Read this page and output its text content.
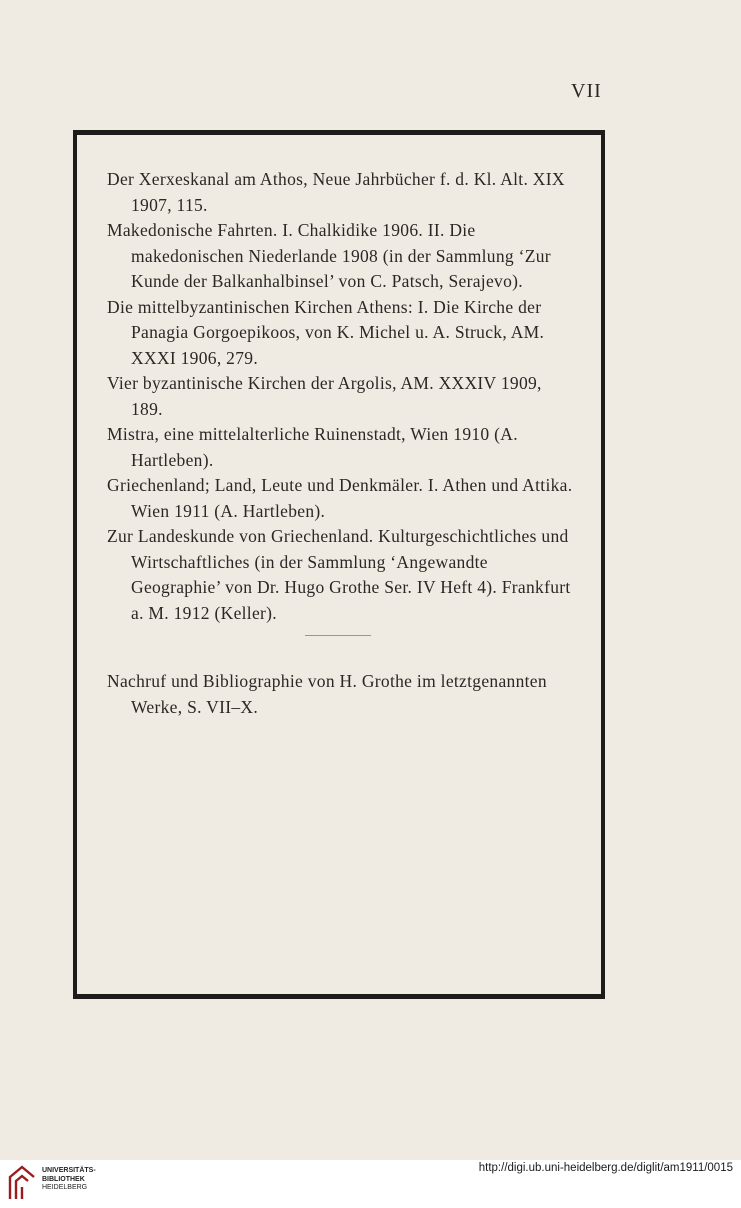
VII
Der Xerxeskanal am Athos, Neue Jahrbücher f. d. Kl. Alt. XIX 1907, 115.
Makedonische Fahrten. I. Chalkidike 1906. II. Die makedonischen Niederlande 1908 (in der Sammlung ‘Zur Kunde der Balkanhalbinsel’ von C. Patsch, Serajevo).
Die mittelbyzantinischen Kirchen Athens: I. Die Kirche der Panagia Gorgoepikoos, von K. Michel u. A. Struck, AM. XXXI 1906, 279.
Vier byzantinische Kirchen der Argolis, AM. XXXIV 1909, 189.
Mistra, eine mittelalterliche Ruinenstadt, Wien 1910 (A. Hartleben).
Griechenland; Land, Leute und Denkmäler. I. Athen und Attika. Wien 1911 (A. Hartleben).
Zur Landeskunde von Griechenland. Kulturgeschichtliches und Wirtschaftliches (in der Sammlung ‘Angewandte Geographie’ von Dr. Hugo Grothe Ser. IV Heft 4). Frankfurt a. M. 1912 (Keller).
Nachruf und Bibliographie von H. Grothe im letztgenannten Werke, S. VII–X.
UNIVERSITÄTS-
BIBLIOTHEK
HEIDELBERG
http://digi.ub.uni-heidelberg.de/diglit/am1911/0015
